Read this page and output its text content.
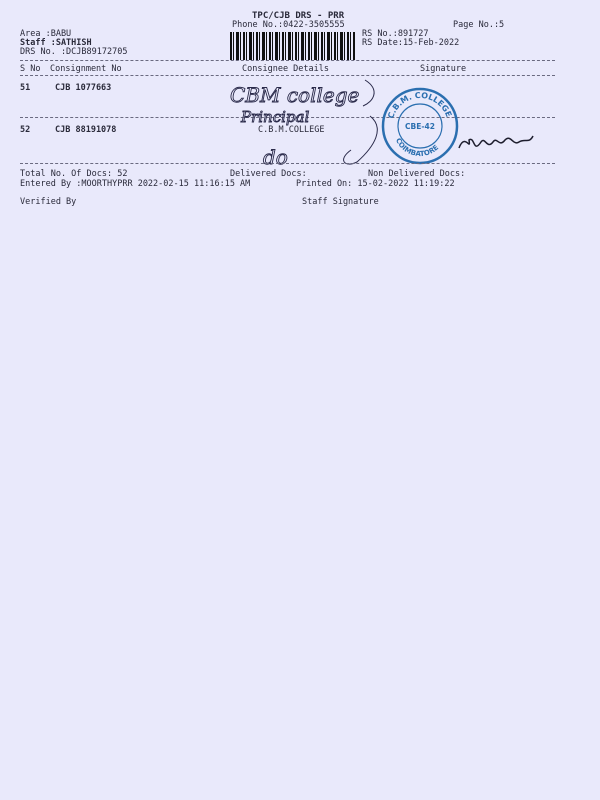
TPC/CJB DRS - PRR
Phone No.:0422-3505555	Page No.:5
Area :BABU
Staff :SATHISH
DRS No. :DCJB89172705
RS No.:891727
RS Date:15-Feb-2022
S No Consignment No	Consignee Details	Signature
51	CJB 1077663
52	CJB 88191078	C.B.M.COLLEGE
CBM college
Principal
do
C.B.M. COLLEGE
COIMBATORE
CBE-42
Total No. Of Docs: 52	Delivered Docs:	Non Delivered Docs:
Entered By :MOORTHYPRR 2022-02-15 11:16:15 AM	Printed On: 15-02-2022 11:19:22
Verified By	Staff Signature
